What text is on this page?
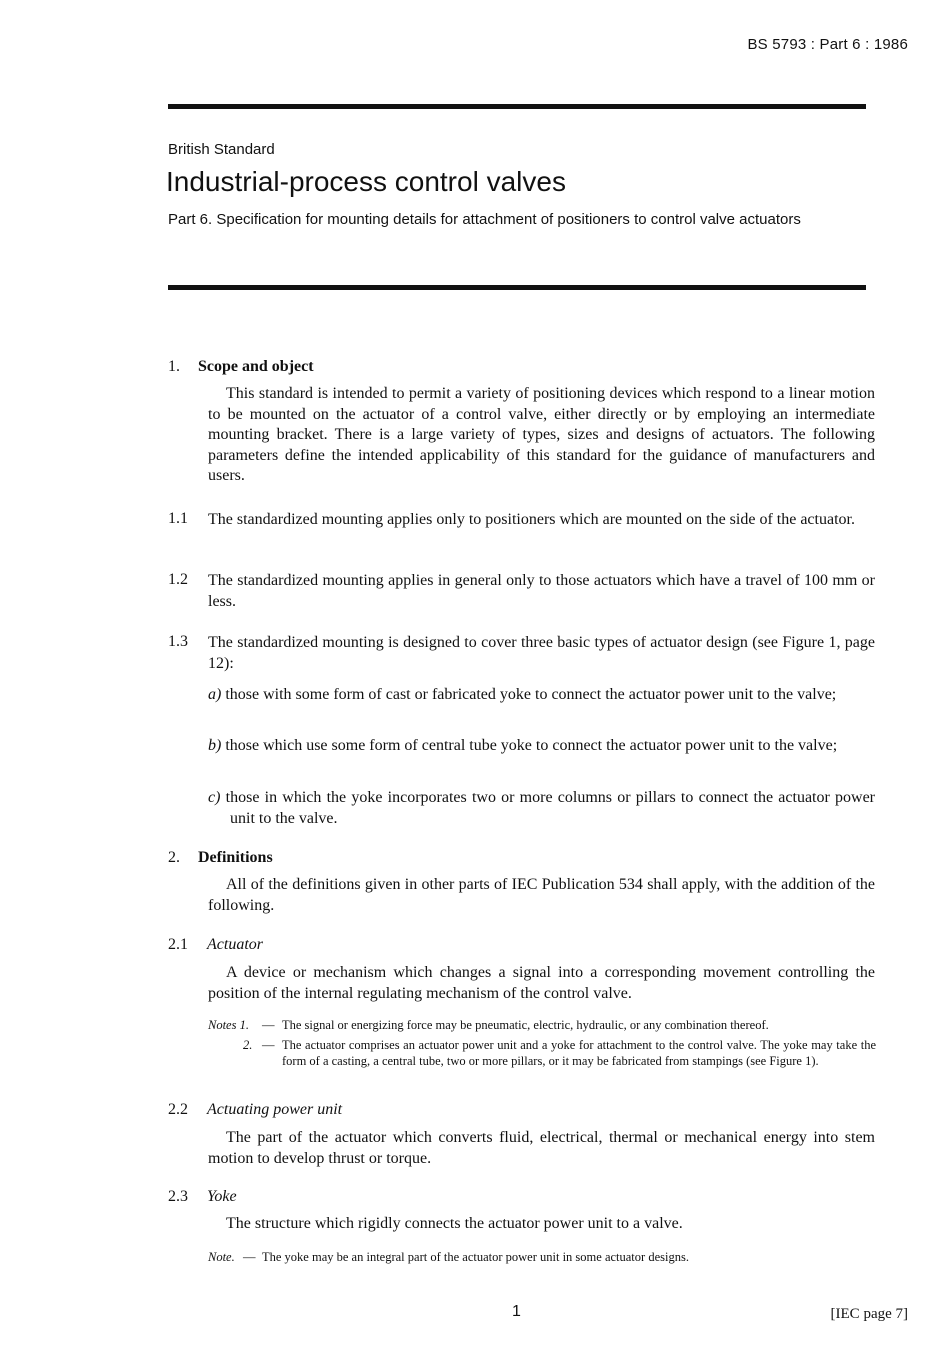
BS 5793 : Part 6 : 1986
British Standard
Industrial-process control valves
Part 6. Specification for mounting details for attachment of positioners to control valve actuators
1. Scope and object
This standard is intended to permit a variety of positioning devices which respond to a linear motion to be mounted on the actuator of a control valve, either directly or by employing an intermediate mounting bracket. There is a large variety of types, sizes and designs of actuators. The following parameters define the intended applicability of this standard for the guidance of manufacturers and users.
1.1 The standardized mounting applies only to positioners which are mounted on the side of the actuator.
1.2 The standardized mounting applies in general only to those actuators which have a travel of 100 mm or less.
1.3 The standardized mounting is designed to cover three basic types of actuator design (see Figure 1, page 12):
a) those with some form of cast or fabricated yoke to connect the actuator power unit to the valve;
b) those which use some form of central tube yoke to connect the actuator power unit to the valve;
c) those in which the yoke incorporates two or more columns or pillars to connect the actuator power unit to the valve.
2. Definitions
All of the definitions given in other parts of IEC Publication 534 shall apply, with the addition of the following.
2.1 Actuator
A device or mechanism which changes a signal into a corresponding movement controlling the position of the internal regulating mechanism of the control valve.
Notes 1. — The signal or energizing force may be pneumatic, electric, hydraulic, or any combination thereof.
2. — The actuator comprises an actuator power unit and a yoke for attachment to the control valve. The yoke may take the form of a casting, a central tube, two or more pillars, or it may be fabricated from stampings (see Figure 1).
2.2 Actuating power unit
The part of the actuator which converts fluid, electrical, thermal or mechanical energy into stem motion to develop thrust or torque.
2.3 Yoke
The structure which rigidly connects the actuator power unit to a valve.
Note. — The yoke may be an integral part of the actuator power unit in some actuator designs.
1	[IEC page 7]
